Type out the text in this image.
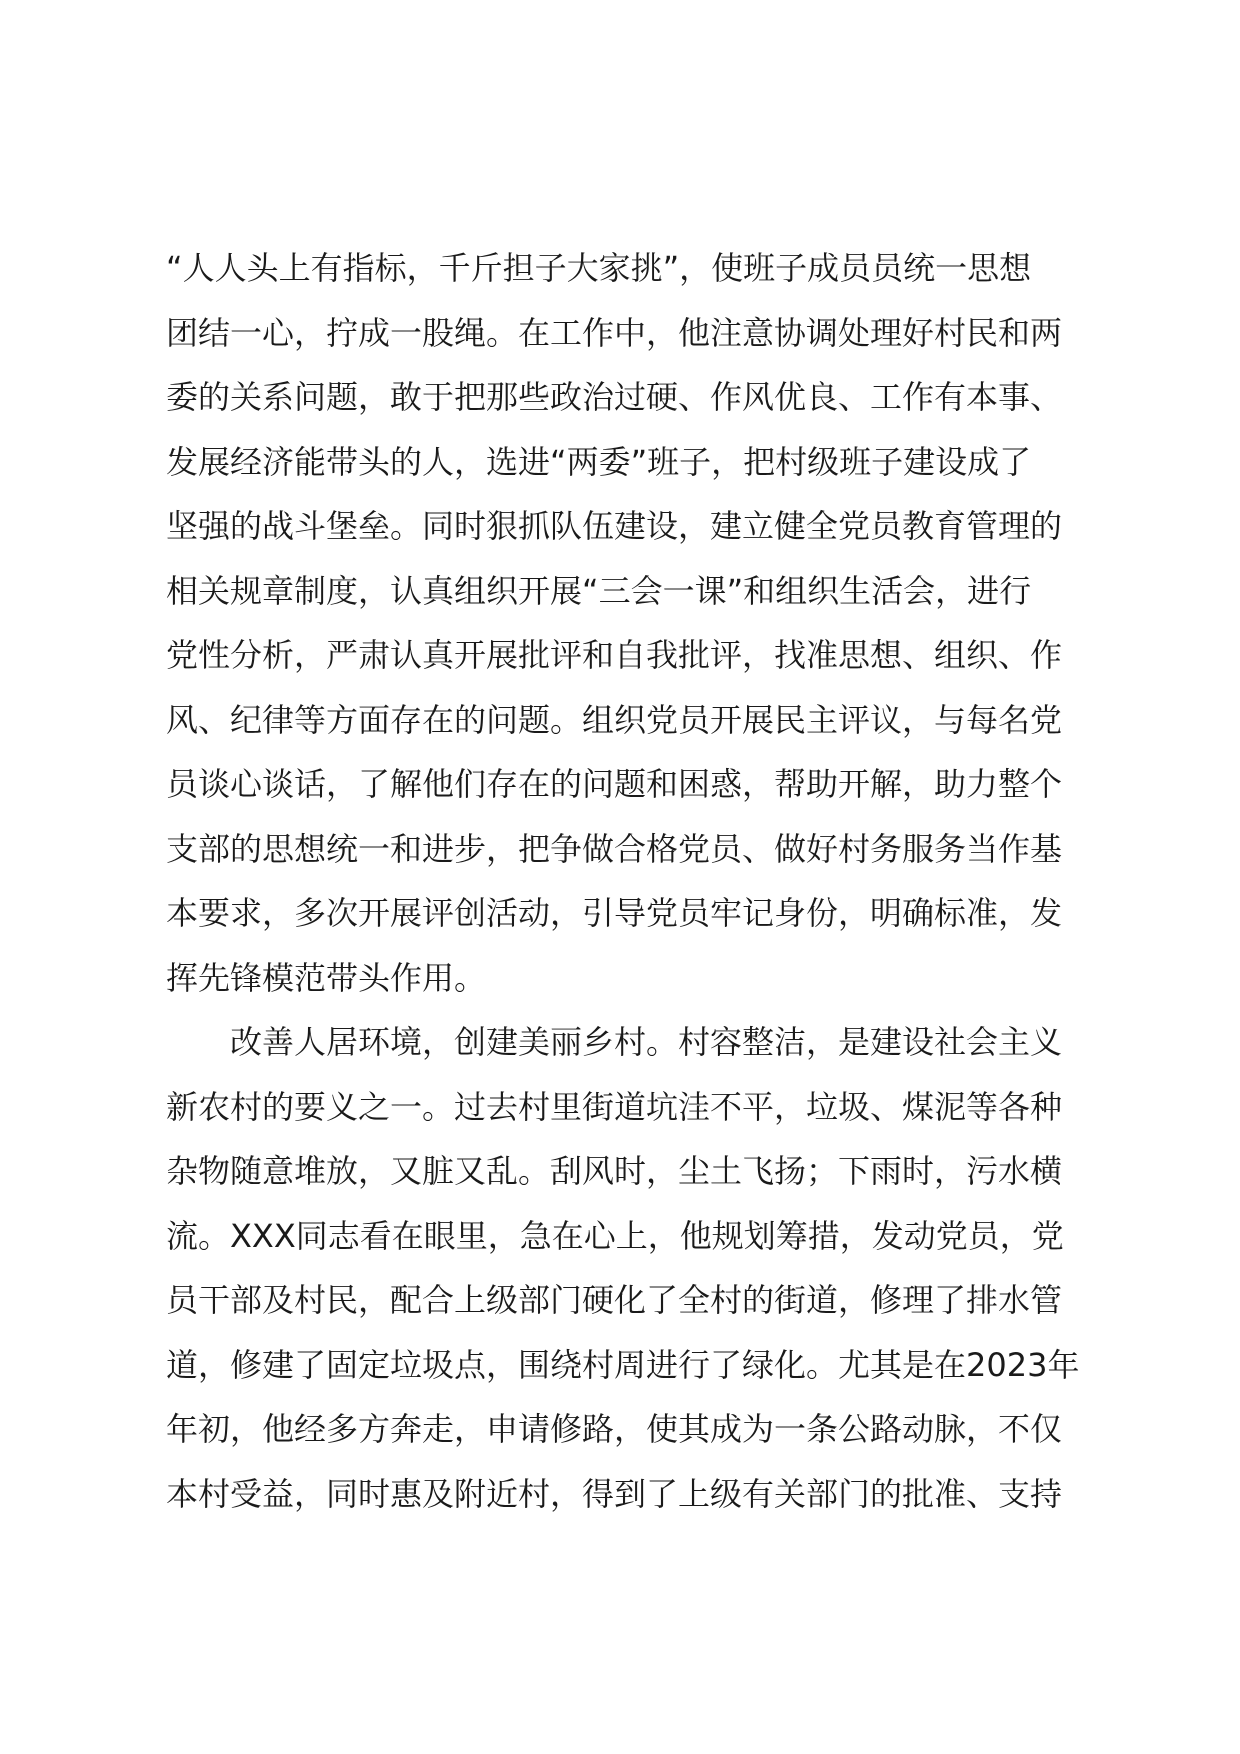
“人人头上有指标，千斤担子大家挑”，使班子成员员统一思想
团结一心，拧成一股绳。在工作中，他注意协调处理好村民和两
委的关系问题，敢于把那些政治过硬、作风优良、工作有本事、
发展经济能带头的人，选进“两委”班子，把村级班子建设成了
坚强的战斗堡垒。同时狠抓队伍建设，建立健全党员教育管理的
相关规章制度，认真组织开展“三会一课”和组织生活会，进行
党性分析，严肃认真开展批评和自我批评，找准思想、组织、作
风、纪律等方面存在的问题。组织党员开展民主评议，与每名党
员谈心谈话，了解他们存在的问题和困惑，帮助开解，助力整个
支部的思想统一和进步，把争做合格党员、做好村务服务当作基
本要求，多次开展评创活动，引导党员牢记身份，明确标准，发
挥先锋模范带头作用。
　　改善人居环境，创建美丽乡村。村容整洁，是建设社会主义
新农村的要义之一。过去村里街道坑洼不平，垃圾、煤泥等各种
杂物随意堆放，又脏又乱。刮风时，尘土飞扬；下雨时，污水横
流。XXX同志看在眼里，急在心上，他规划筹措，发动党员，党
员干部及村民，配合上级部门硬化了全村的街道，修理了排水管
道，修建了固定垃圾点，围绕村周进行了绿化。尤其是在2023年
年初，他经多方奔走，申请修路，使其成为一条公路动脉，不仅
本村受益，同时惠及附近村，得到了上级有关部门的批准、支持
